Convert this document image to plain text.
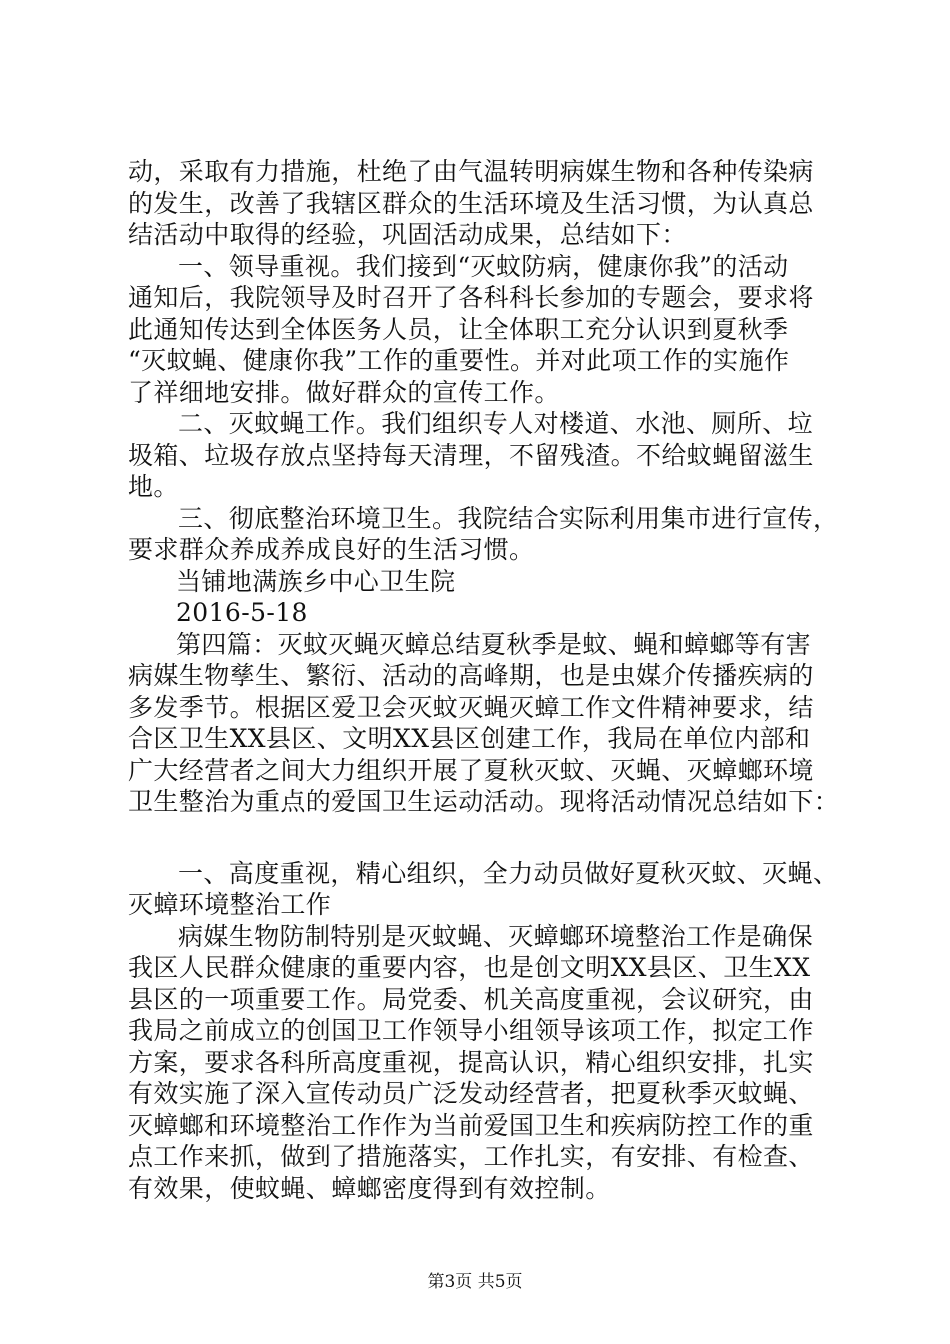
动，采取有力措施，杜绝了由气温转明病媒生物和各种传染病
的发生，改善了我辖区群众的生活环境及生活习惯，为认真总
结活动中取得的经验，巩固活动成果，总结如下：
一、领导重视。我们接到“灭蚊防病，健康你我”的活动
通知后，我院领导及时召开了各科科长参加的专题会，要求将
此通知传达到全体医务人员，让全体职工充分认识到夏秋季
“灭蚊蝇、健康你我”工作的重要性。并对此项工作的实施作
了祥细地安排。做好群众的宣传工作。
二、灭蚊蝇工作。我们组织专人对楼道、水池、厕所、垃
圾箱、垃圾存放点坚持每天清理，不留残渣。不给蚊蝇留滋生
地。
三、彻底整治环境卫生。我院结合实际利用集市进行宣传，
要求群众养成养成良好的生活习惯。
当铺地满族乡中心卫生院
2016-5-18
第四篇：灭蚊灭蝇灭蟑总结夏秋季是蚊、蝇和蟑螂等有害
病媒生物孳生、繁衍、活动的高峰期，也是虫媒介传播疾病的
多发季节。根据区爱卫会灭蚊灭蝇灭蟑工作文件精神要求，结
合区卫生XX县区、文明XX县区创建工作，我局在单位内部和
广大经营者之间大力组织开展了夏秋灭蚊、灭蝇、灭蟑螂环境
卫生整治为重点的爱国卫生运动活动。现将活动情况总结如下：
一、高度重视，精心组织，全力动员做好夏秋灭蚊、灭蝇、
灭蟑环境整治工作
病媒生物防制特别是灭蚊蝇、灭蟑螂环境整治工作是确保
我区人民群众健康的重要内容，也是创文明XX县区、卫生XX
县区的一项重要工作。局党委、机关高度重视，会议研究，由
我局之前成立的创国卫工作领导小组领导该项工作，拟定工作
方案，要求各科所高度重视，提高认识，精心组织安排，扎实
有效实施了深入宣传动员广泛发动经营者，把夏秋季灭蚊蝇、
灭蟑螂和环境整治工作作为当前爱国卫生和疾病防控工作的重
点工作来抓，做到了措施落实，工作扎实，有安排、有检查、
有效果，使蚊蝇、蟑螂密度得到有效控制。
第3页 共5页
